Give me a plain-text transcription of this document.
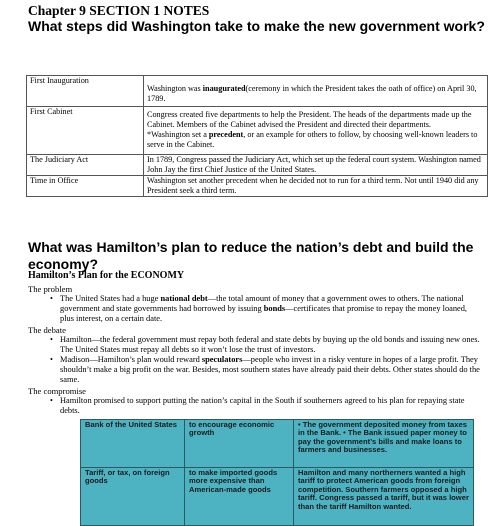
Chapter 9 SECTION 1 NOTES
What steps did Washington take to make the new government work?
First Inauguration	Washington was inaugurated(ceremony in which the President takes the oath of office) on April 30, 1789.

First Cabinet	Congress created five departments to help the President. The heads of the departments made up the Cabinet. Members of the Cabinet advised the President and directed their departments.
*Washington set a precedent, or an example for others to follow, by choosing well-known leaders to serve in the Cabinet.

The Judiciary Act	In 1789, Congress passed the Judiciary Act, which set up the federal court system. Washington named John Jay the first Chief Justice of the United States.
Time in Office	Washington set another precedent when he decided not to run for a third term. Not until 1940 did any President seek a third term.
What was Hamilton’s plan to reduce the nation’s debt and build the economy?
Hamilton’s Plan for the ECONOMY
The problem
• The United States had a huge national debt—the total amount of money that a government owes to others. The national government and state governments had borrowed by issuing bonds—certificates that promise to repay the money loaned, plus interest, on a certain date.
The debate
• Hamilton—the federal government must repay both federal and state debts by buying up the old bonds and issuing new ones. The United States must repay all debts so it won’t lose the trust of investors.
• Madison—Hamilton’s plan would reward speculators—people who invest in a risky venture in hopes of a large profit. They shouldn’t make a big profit on the war. Besides, most southern states have already paid their debts. Other states should do the same.
Bank of the United States	to encourage economic growth	• The government deposited money from taxes in the Bank. • The Bank issued paper money to pay the government’s bills and make loans to farmers and businesses.
Tariff, or tax, on foreign goods	to make imported goods more expensive than American-made goods	Hamilton and many northerners wanted a high tariff to protect American goods from foreign competition. Southern farmers opposed a high tariff. Congress passed a tariff, but it was lower than the tariff Hamilton wanted.
The compromise
• Hamilton promised to support putting the nation’s capital in the South if southerners agreed to his plan for repaying state debts.
